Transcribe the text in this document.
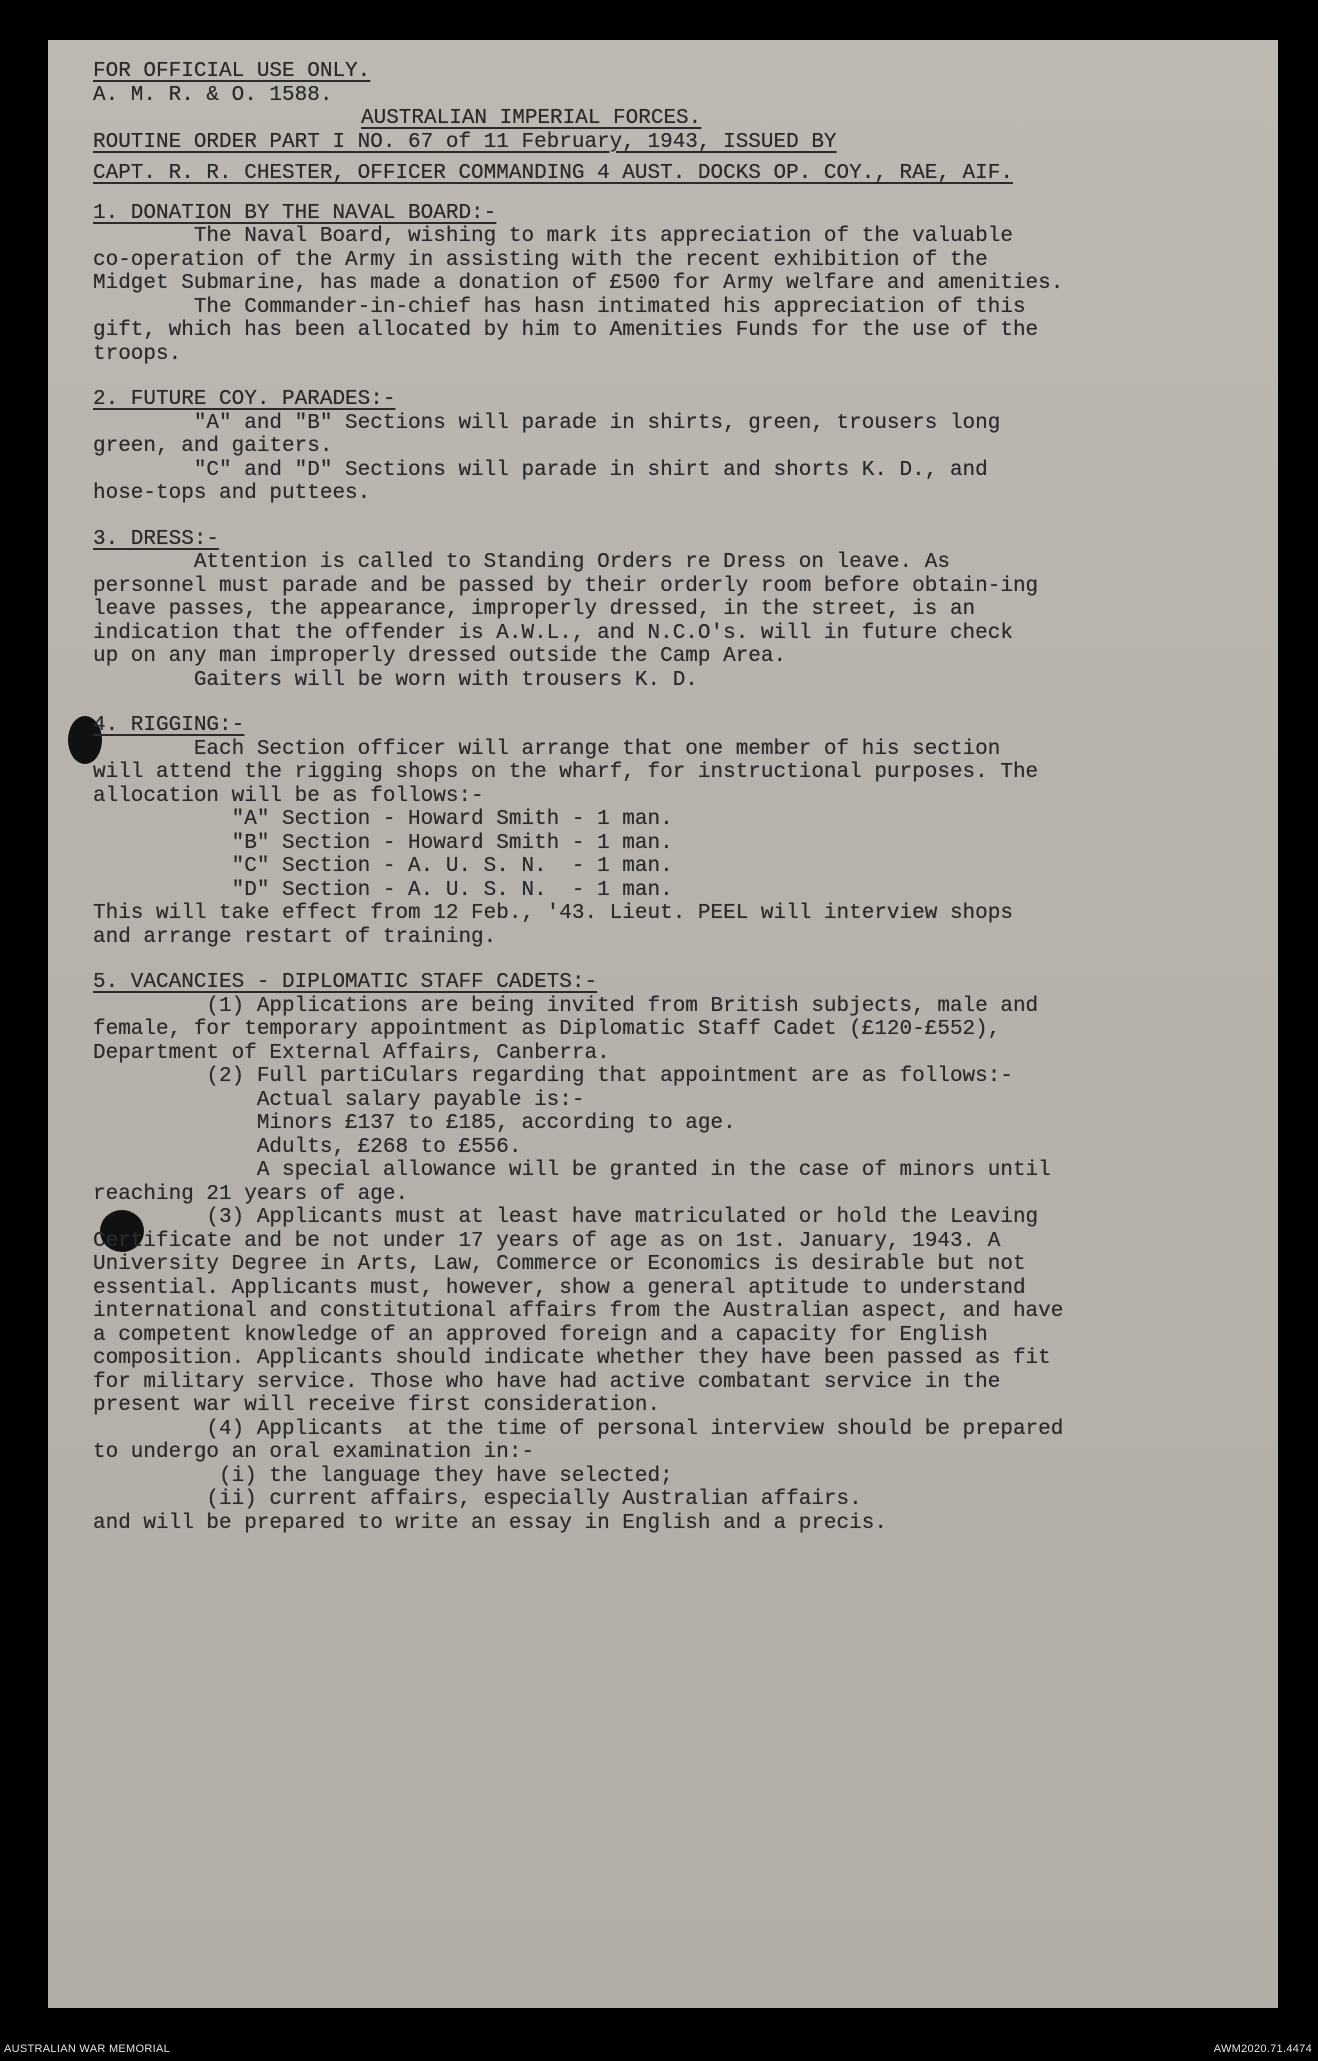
FOR OFFICIAL USE ONLY.
A. M. R. & O. 1588.
AUSTRALIAN IMPERIAL FORCES.
ROUTINE ORDER PART I NO. 67 of 11 February, 1943, ISSUED BY
CAPT. R. R. CHESTER, OFFICER COMMANDING 4 AUST. DOCKS OP. COY., RAE, AIF.
1. DONATION BY THE NAVAL BOARD:-
The Naval Board, wishing to mark its appreciation of the valuable
co-operation of the Army in assisting with the recent exhibition of the
Midget Submarine, has made a donation of £500 for Army welfare and amenities.
The Commander-in-chief has hasn intimated his appreciation of this
gift, which has been allocated by him to Amenities Funds for the use of the
troops.
2. FUTURE COY. PARADES:-
"A" and "B" Sections will parade in shirts, green, trousers long
green, and gaiters.
"C" and "D" Sections will parade in shirt and shorts K. D., and
hose-tops and puttees.
3. DRESS:-
Attention is called to Standing Orders re Dress on leave. As
personnel must parade and be passed by their orderly room before obtain-ing
leave passes, the appearance, improperly dressed, in the street, is an
indication that the offender is A.W.L., and N.C.O's. will in future check
up on any man improperly dressed outside the Camp Area.
Gaiters will be worn with trousers K. D.
4. RIGGING:-
Each Section officer will arrange that one member of his section
will attend the rigging shops on the wharf, for instructional purposes. The
allocation will be as follows:-
"A" Section - Howard Smith - 1 man.
"B" Section - Howard Smith - 1 man.
"C" Section - A. U. S. N.  - 1 man.
"D" Section - A. U. S. N.  - 1 man.
This will take effect from 12 Feb., '43. Lieut. PEEL will interview shops
and arrange restart of training.
5. VACANCIES - DIPLOMATIC STAFF CADETS:-
(1) Applications are being invited from British subjects, male and
female, for temporary appointment as Diplomatic Staff Cadet (£120-£552),
Department of External Affairs, Canberra.
(2) Full partiCulars regarding that appointment are as follows:-
Actual salary payable is:-
Minors £137 to £185, according to age.
Adults, £268 to £556.
A special allowance will be granted in the case of minors until
reaching 21 years of age.
(3) Applicants must at least have matriculated or hold the Leaving
Certificate and be not under 17 years of age as on 1st. January, 1943. A
University Degree in Arts, Law, Commerce or Economics is desirable but not
essential. Applicants must, however, show a general aptitude to understand
international and constitutional affairs from the Australian aspect, and have
a competent knowledge of an approved foreign and a capacity for English
composition. Applicants should indicate whether they have been passed as fit
for military service. Those who have had active combatant service in the
present war will receive first consideration.
(4) Applicants  at the time of personal interview should be prepared
to undergo an oral examination in:-
(i) the language they have selected;
(ii) current affairs, especially Australian affairs.
and will be prepared to write an essay in English and a precis.
AUSTRALIAN WAR MEMORIAL	AWM2020.71.4474
